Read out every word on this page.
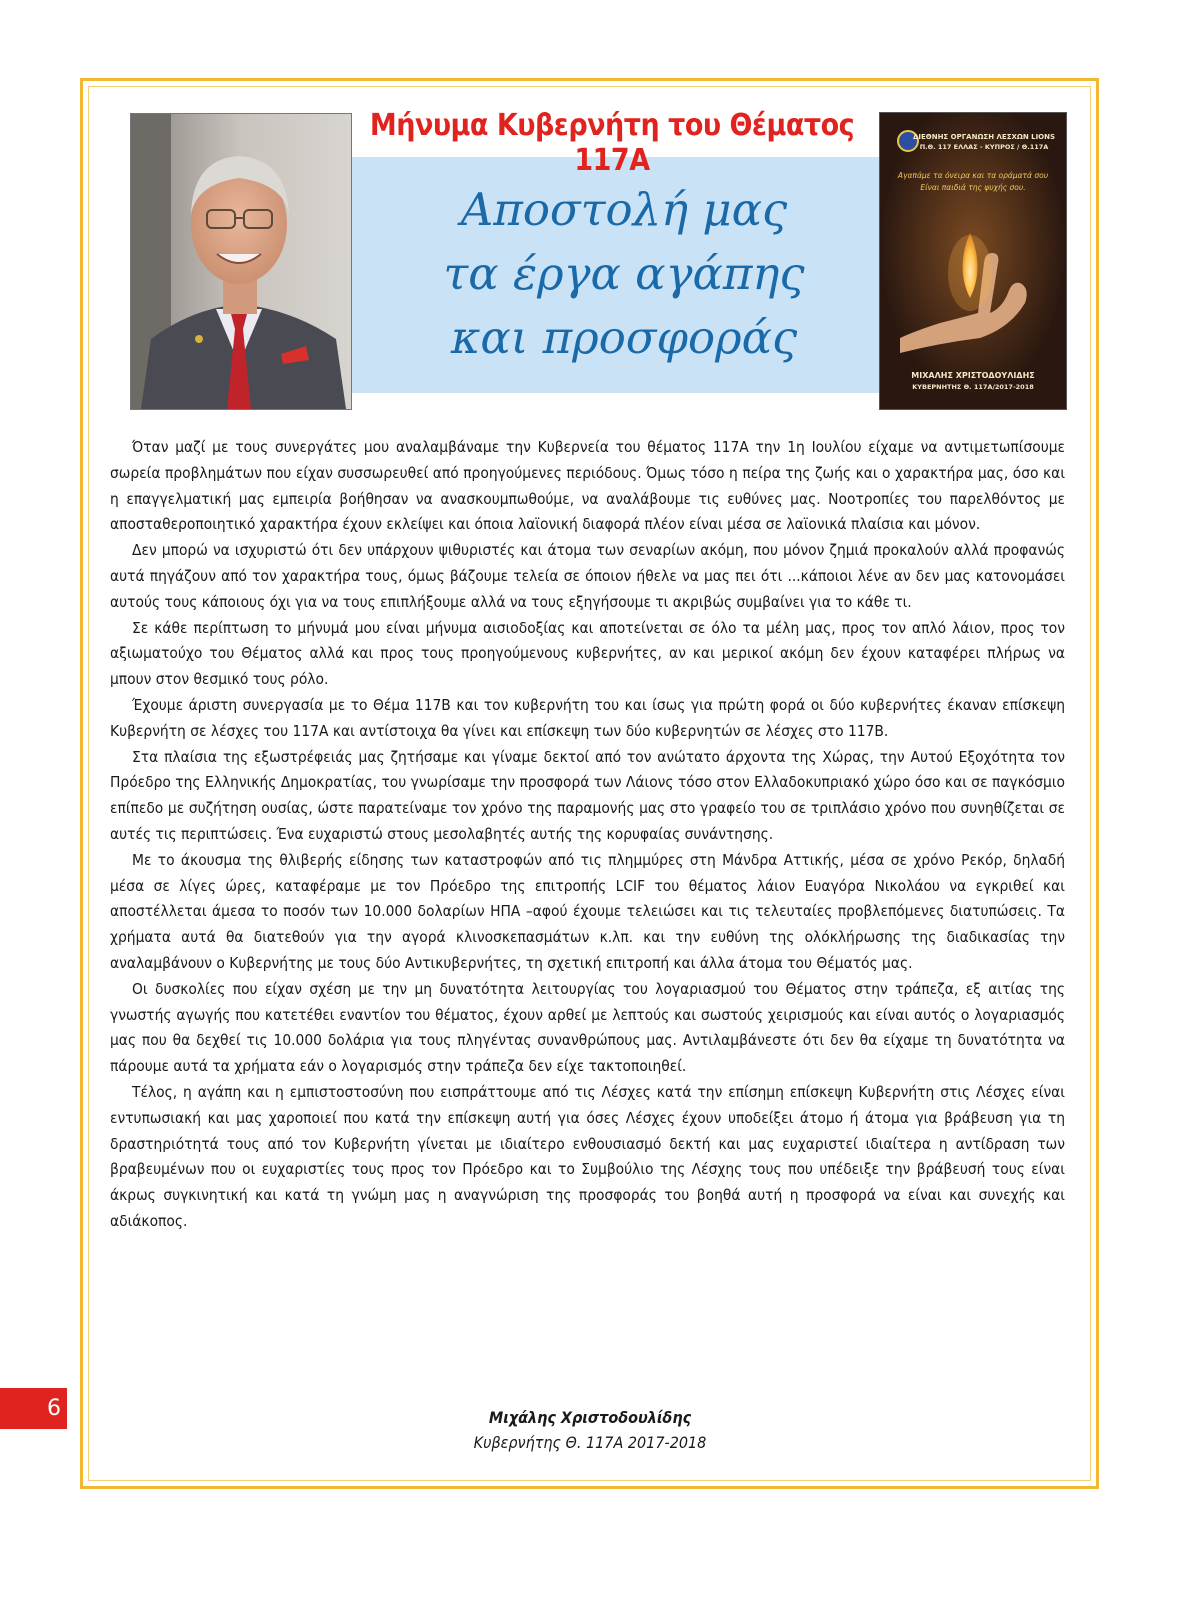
Μήνυμα Κυβερνήτη του Θέματος 117Α
Αποστολή μας
τα έργα αγάπης
και προσφοράς
ΔΙΕΘΝΗΣ ΟΡΓΑΝΩΣΗ ΛΕΣΧΩΝ LIONS
Π.Θ. 117 ΕΛΛΑΣ - ΚΥΠΡΟΣ / Θ.117Α
Αγαπάμε τα όνειρα και τα οράματά σου
Είναι παιδιά της ψυχής σου.
ΜΙΧΑΛΗΣ ΧΡΙΣΤΟΔΟΥΛΙΔΗΣ
ΚΥΒΕΡΝΗΤΗΣ Θ. 117Α/2017-2018

Όταν μαζί με τους συνεργάτες μου αναλαμβάναμε την Κυβερνεία του θέματος 117Α την 1η Ιουλίου είχαμε να αντιμετωπίσουμε σωρεία προβλημάτων που είχαν συσσωρευθεί από προηγούμενες περιόδους. Όμως τόσο η πείρα της ζωής και ο χαρακτήρα μας, όσο και η επαγγελματική μας εμπειρία βοήθησαν να ανασκουμπωθούμε, να αναλάβουμε τις ευθύνες μας. Νοοτροπίες του παρελθόντος με αποσταθεροποιητικό χαρακτήρα έχουν εκλείψει και όποια λαϊονική διαφορά πλέον είναι μέσα σε λαϊονικά πλαίσια και μόνον.

Δεν μπορώ να ισχυριστώ ότι δεν υπάρχουν ψιθυριστές και άτομα των σεναρίων ακόμη, που μόνον ζημιά προκαλούν αλλά προφανώς αυτά πηγάζουν από τον χαρακτήρα τους, όμως βάζουμε τελεία σε όποιον ήθελε να μας πει ότι ...κάποιοι λένε αν δεν μας κατονομάσει αυτούς τους κάποιους όχι για να τους επιπλήξουμε αλλά να τους εξηγήσουμε τι ακριβώς συμβαίνει για το κάθε τι.

Σε κάθε περίπτωση το μήνυμά μου είναι μήνυμα αισιοδοξίας και αποτείνεται σε όλο τα μέλη μας, προς τον απλό λάιον, προς τον αξιωματούχο του Θέματος αλλά και προς τους προηγούμενους κυβερνήτες, αν και μερικοί ακόμη δεν έχουν καταφέρει πλήρως να μπουν στον θεσμικό τους ρόλο.

Έχουμε άριστη συνεργασία με το Θέμα 117Β και τον κυβερνήτη του και ίσως για πρώτη φορά οι δύο κυβερνήτες έκαναν επίσκεψη Κυβερνήτη σε λέσχες του 117Α και αντίστοιχα θα γίνει και επίσκεψη των δύο κυβερνητών σε λέσχες στο 117Β.

Στα πλαίσια της εξωστρέφειάς μας ζητήσαμε και γίναμε δεκτοί από τον ανώτατο άρχοντα της Χώρας, την Αυτού Εξοχότητα τον Πρόεδρο της Ελληνικής Δημοκρατίας, του γνωρίσαμε την προσφορά των Λάιονς τόσο στον Ελλαδοκυπριακό χώρο όσο και σε παγκόσμιο επίπεδο με συζήτηση ουσίας, ώστε παρατείναμε τον χρόνο της παραμονής μας στο γραφείο του σε τριπλάσιο χρόνο που συνηθίζεται σε αυτές τις περιπτώσεις. Ένα ευχαριστώ στους μεσολαβητές αυτής της κορυφαίας συνάντησης.

Με το άκουσμα της θλιβερής είδησης των καταστροφών από τις πλημμύρες στη Μάνδρα Αττικής, μέσα σε χρόνο Ρεκόρ, δηλαδή μέσα σε λίγες ώρες, καταφέραμε με τον Πρόεδρο της επιτροπής LCIF του θέματος λάιον Ευαγόρα Νικολάου να εγκριθεί και αποστέλλεται άμεσα το ποσόν των 10.000 δολαρίων ΗΠΑ –αφού έχουμε τελειώσει και τις τελευταίες προβλεπόμενες διατυπώσεις. Τα χρήματα αυτά θα διατεθούν για την αγορά κλινοσκεπασμάτων κ.λπ. και την ευθύνη της ολόκλήρωσης της διαδικασίας την αναλαμβάνουν ο Κυβερνήτης με τους δύο Αντικυβερνήτες, τη σχετική επιτροπή και άλλα άτομα του Θέματός μας.

Οι δυσκολίες που είχαν σχέση με την μη δυνατότητα λειτουργίας του λογαριασμού του Θέματος στην τράπεζα, εξ αιτίας της γνωστής αγωγής που κατετέθει εναντίον του θέματος, έχουν αρθεί με λεπτούς και σωστούς χειρισμούς και είναι αυτός ο λογαριασμός μας που θα δεχθεί τις 10.000 δολάρια για τους πληγέντας συνανθρώπους μας. Αντιλαμβάνεστε ότι δεν θα είχαμε τη δυνατότητα να πάρουμε αυτά τα χρήματα εάν ο λογαρισμός στην τράπεζα δεν είχε τακτοποιηθεί.

Τέλος, η αγάπη και η εμπιστοστοσύνη που εισπράττουμε από τις Λέσχες κατά την επίσημη επίσκεψη Κυβερνήτη στις Λέσχες είναι εντυπωσιακή και μας χαροποιεί που κατά την επίσκεψη αυτή για όσες Λέσχες έχουν υποδείξει άτομο ή άτομα για βράβευση για τη δραστηριότητά τους από τον Κυβερνήτη γίνεται με ιδιαίτερο ενθουσιασμό δεκτή και μας ευχαριστεί ιδιαίτερα η αντίδραση των βραβευμένων που οι ευχαριστίες τους προς τον Πρόεδρο και το Συμβούλιο της Λέσχης τους που υπέδειξε την βράβευσή τους είναι άκρως συγκινητική και κατά τη γνώμη μας η αναγνώριση της προσφοράς του βοηθά αυτή η προσφορά να είναι και συνεχής και αδιάκοπος.

Μιχάλης Χριστοδουλίδης
Κυβερνήτης Θ. 117Α 2017-2018
6
